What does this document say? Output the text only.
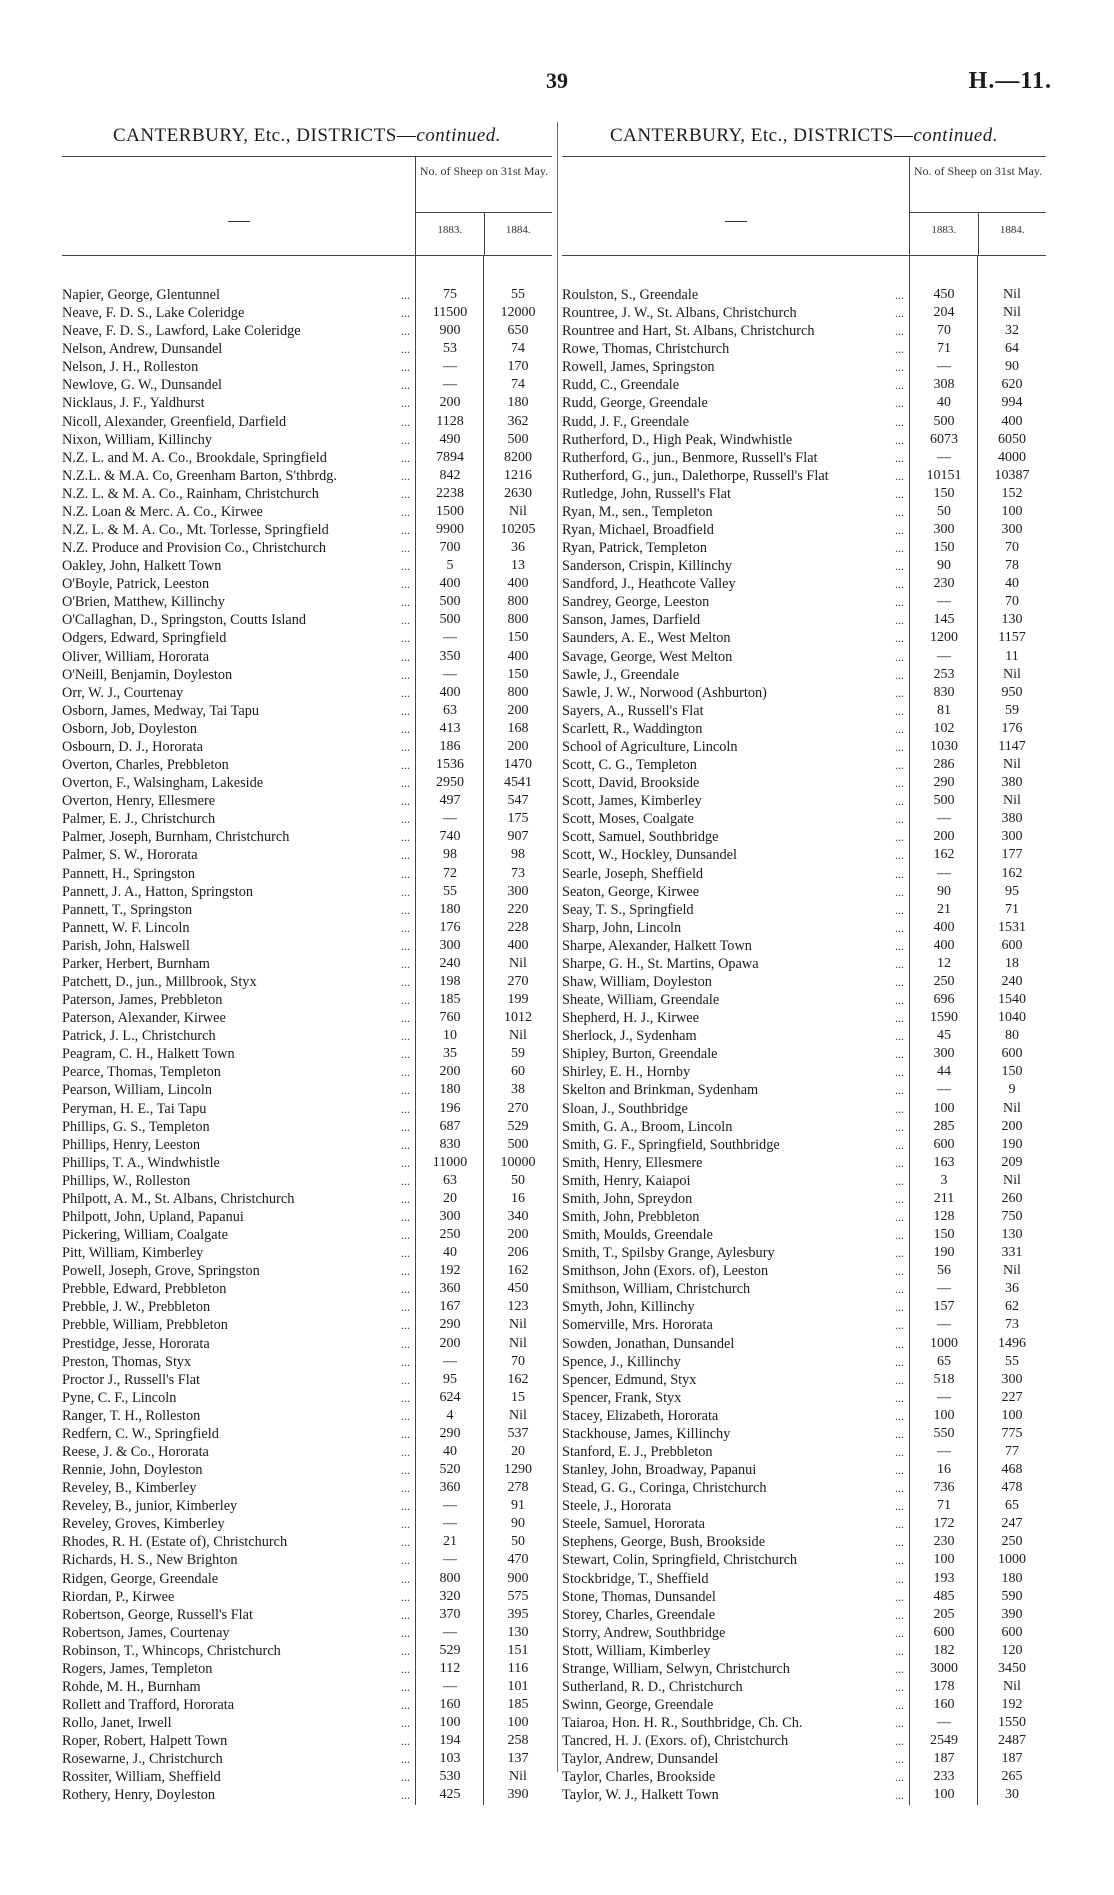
39	H.—11.
CANTERBURY, Etc., DISTRICTS—continued.
No. of Sheep on 31st May.
1883.	1884.
Napier, George, Glentunnel	...	75	55
Neave, F. D. S., Lake Coleridge	...	11500	12000
Neave, F. D. S., Lawford, Lake Coleridge	...	900	650
Nelson, Andrew, Dunsandel	...	53	74
Nelson, J. H., Rolleston	...	—	170
Newlove, G. W., Dunsandel	...	—	74
Nicklaus, J. F., Yaldhurst	...	200	180
Nicoll, Alexander, Greenfield, Darfield	...	1128	362
Nixon, William, Killinchy	...	490	500
N.Z. L. and M. A. Co., Brookdale, Springfield	...	7894	8200
N.Z.L. & M.A. Co, Greenham Barton, S'thbrdg.	...	842	1216
N.Z. L. & M. A. Co., Rainham, Christchurch	...	2238	2630
N.Z. Loan & Merc. A. Co., Kirwee	...	1500	Nil
N.Z. L. & M. A. Co., Mt. Torlesse, Springfield	...	9900	10205
N.Z. Produce and Provision Co., Christchurch	...	700	36
Oakley, John, Halkett Town	...	5	13
O'Boyle, Patrick, Leeston	...	400	400
O'Brien, Matthew, Killinchy	...	500	800
O'Callaghan, D., Springston, Coutts Island	...	500	800
Odgers, Edward, Springfield	...	—	150
Oliver, William, Hororata	...	350	400
O'Neill, Benjamin, Doyleston	...	—	150
Orr, W. J., Courtenay	...	400	800
Osborn, James, Medway, Tai Tapu	...	63	200
Osborn, Job, Doyleston	...	413	168
Osbourn, D. J., Hororata	...	186	200
Overton, Charles, Prebbleton	...	1536	1470
Overton, F., Walsingham, Lakeside	...	2950	4541
Overton, Henry, Ellesmere	...	497	547
Palmer, E. J., Christchurch	...	—	175
Palmer, Joseph, Burnham, Christchurch	...	740	907
Palmer, S. W., Hororata	...	98	98
Pannett, H., Springston	...	72	73
Pannett, J. A., Hatton, Springston	...	55	300
Pannett, T., Springston	...	180	220
Pannett, W. F. Lincoln	...	176	228
Parish, John, Halswell	...	300	400
Parker, Herbert, Burnham	...	240	Nil
Patchett, D., jun., Millbrook, Styx	...	198	270
Paterson, James, Prebbleton	...	185	199
Paterson, Alexander, Kirwee	...	760	1012
Patrick, J. L., Christchurch	...	10	Nil
Peagram, C. H., Halkett Town	...	35	59
Pearce, Thomas, Templeton	...	200	60
Pearson, William, Lincoln	...	180	38
Peryman, H. E., Tai Tapu	...	196	270
Phillips, G. S., Templeton	...	687	529
Phillips, Henry, Leeston	...	830	500
Phillips, T. A., Windwhistle	...	11000	10000
Phillips, W., Rolleston	...	63	50
Philpott, A. M., St. Albans, Christchurch	...	20	16
Philpott, John, Upland, Papanui	...	300	340
Pickering, William, Coalgate	...	250	200
Pitt, William, Kimberley	...	40	206
Powell, Joseph, Grove, Springston	...	192	162
Prebble, Edward, Prebbleton	...	360	450
Prebble, J. W., Prebbleton	...	167	123
Prebble, William, Prebbleton	...	290	Nil
Prestidge, Jesse, Hororata	...	200	Nil
Preston, Thomas, Styx	...	—	70
Proctor J., Russell's Flat	...	95	162
Pyne, C. F., Lincoln	...	624	15
Ranger, T. H., Rolleston	...	4	Nil
Redfern, C. W., Springfield	...	290	537
Reese, J. & Co., Hororata	...	40	20
Rennie, John, Doyleston	...	520	1290
Reveley, B., Kimberley	...	360	278
Reveley, B., junior, Kimberley	...	—	91
Reveley, Groves, Kimberley	...	—	90
Rhodes, R. H. (Estate of), Christchurch	...	21	50
Richards, H. S., New Brighton	...	—	470
Ridgen, George, Greendale	...	800	900
Riordan, P., Kirwee	...	320	575
Robertson, George, Russell's Flat	...	370	395
Robertson, James, Courtenay	...	—	130
Robinson, T., Whincops, Christchurch	...	529	151
Rogers, James, Templeton	...	112	116
Rohde, M. H., Burnham	...	—	101
Rollett and Trafford, Hororata	...	160	185
Rollo, Janet, Irwell	...	100	100
Roper, Robert, Halpett Town	...	194	258
Rosewarne, J., Christchurch	...	103	137
Rossiter, William, Sheffield	...	530	Nil
Rothery, Henry, Doyleston	...	425	390
CANTERBURY, Etc., DISTRICTS—continued.
No. of Sheep on 31st May.
1883.	1884.
Roulston, S., Greendale	...	450	Nil
Rountree, J. W., St. Albans, Christchurch	...	204	Nil
Rountree and Hart, St. Albans, Christchurch	...	70	32
Rowe, Thomas, Christchurch	...	71	64
Rowell, James, Springston	...	—	90
Rudd, C., Greendale	...	308	620
Rudd, George, Greendale	...	40	994
Rudd, J. F., Greendale	...	500	400
Rutherford, D., High Peak, Windwhistle	...	6073	6050
Rutherford, G., jun., Benmore, Russell's Flat	...	—	4000
Rutherford, G., jun., Dalethorpe, Russell's Flat	...	10151	10387
Rutledge, John, Russell's Flat	...	150	152
Ryan, M., sen., Templeton	...	50	100
Ryan, Michael, Broadfield	...	300	300
Ryan, Patrick, Templeton	...	150	70
Sanderson, Crispin, Killinchy	...	90	78
Sandford, J., Heathcote Valley	...	230	40
Sandrey, George, Leeston	...	—	70
Sanson, James, Darfield	...	145	130
Saunders, A. E., West Melton	...	1200	1157
Savage, George, West Melton	...	—	11
Sawle, J., Greendale	...	253	Nil
Sawle, J. W., Norwood (Ashburton)	...	830	950
Sayers, A., Russell's Flat	...	81	59
Scarlett, R., Waddington	...	102	176
School of Agriculture, Lincoln	...	1030	1147
Scott, C. G., Templeton	...	286	Nil
Scott, David, Brookside	...	290	380
Scott, James, Kimberley	...	500	Nil
Scott, Moses, Coalgate	...	—	380
Scott, Samuel, Southbridge	...	200	300
Scott, W., Hockley, Dunsandel	...	162	177
Searle, Joseph, Sheffield	...	—	162
Seaton, George, Kirwee	...	90	95
Seay, T. S., Springfield	...	21	71
Sharp, John, Lincoln	...	400	1531
Sharpe, Alexander, Halkett Town	...	400	600
Sharpe, G. H., St. Martins, Opawa	...	12	18
Shaw, William, Doyleston	...	250	240
Sheate, William, Greendale	...	696	1540
Shepherd, H. J., Kirwee	...	1590	1040
Sherlock, J., Sydenham	...	45	80
Shipley, Burton, Greendale	...	300	600
Shirley, E. H., Hornby	...	44	150
Skelton and Brinkman, Sydenham	...	—	9
Sloan, J., Southbridge	...	100	Nil
Smith, G. A., Broom, Lincoln	...	285	200
Smith, G. F., Springfield, Southbridge	...	600	190
Smith, Henry, Ellesmere	...	163	209
Smith, Henry, Kaiapoi	...	3	Nil
Smith, John, Spreydon	...	211	260
Smith, John, Prebbleton	...	128	750
Smith, Moulds, Greendale	...	150	130
Smith, T., Spilsby Grange, Aylesbury	...	190	331
Smithson, John (Exors. of), Leeston	...	56	Nil
Smithson, William, Christchurch	...	—	36
Smyth, John, Killinchy	...	157	62
Somerville, Mrs. Hororata	...	—	73
Sowden, Jonathan, Dunsandel	...	1000	1496
Spence, J., Killinchy	...	65	55
Spencer, Edmund, Styx	...	518	300
Spencer, Frank, Styx	...	—	227
Stacey, Elizabeth, Hororata	...	100	100
Stackhouse, James, Killinchy	...	550	775
Stanford, E. J., Prebbleton	...	—	77
Stanley, John, Broadway, Papanui	...	16	468
Stead, G. G., Coringa, Christchurch	...	736	478
Steele, J., Hororata	...	71	65
Steele, Samuel, Hororata	...	172	247
Stephens, George, Bush, Brookside	...	230	250
Stewart, Colin, Springfield, Christchurch	...	100	1000
Stockbridge, T., Sheffield	...	193	180
Stone, Thomas, Dunsandel	...	485	590
Storey, Charles, Greendale	...	205	390
Storry, Andrew, Southbridge	...	600	600
Stott, William, Kimberley	...	182	120
Strange, William, Selwyn, Christchurch	...	3000	3450
Sutherland, R. D., Christchurch	...	178	Nil
Swinn, George, Greendale	...	160	192
Taiaroa, Hon. H. R., Southbridge, Ch. Ch.	...	—	1550
Tancred, H. J. (Exors. of), Christchurch	...	2549	2487
Taylor, Andrew, Dunsandel	...	187	187
Taylor, Charles, Brookside	...	233	265
Taylor, W. J., Halkett Town	...	100	30
